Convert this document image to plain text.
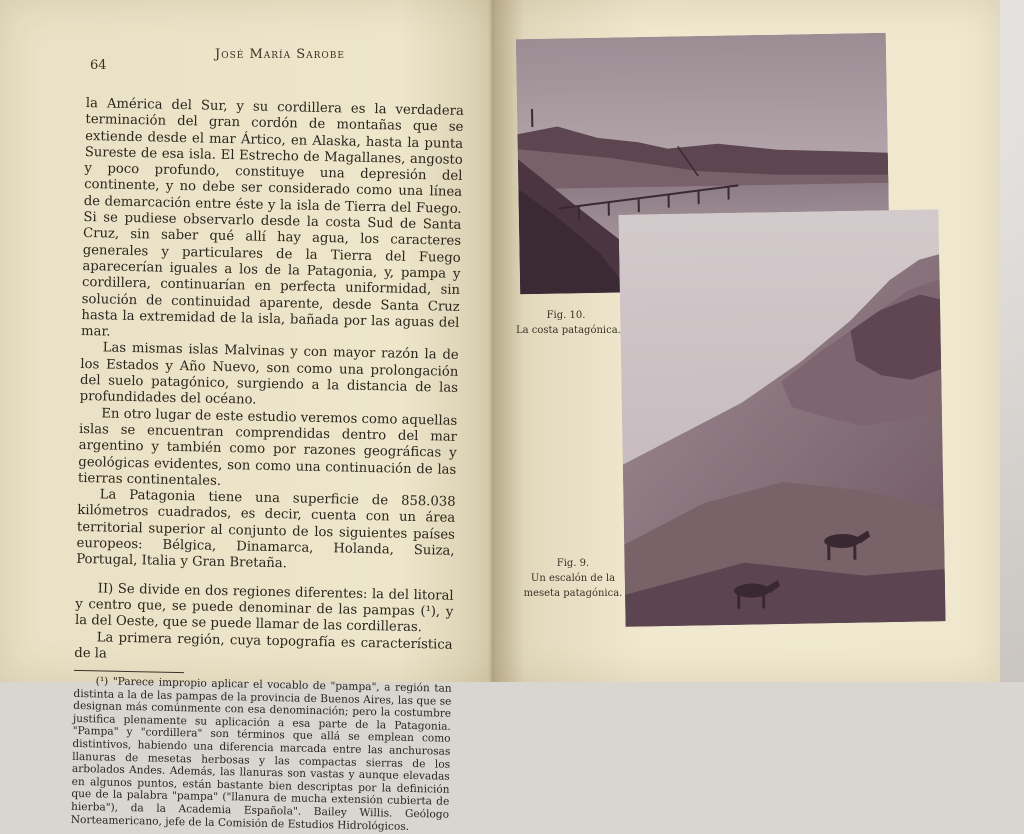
64
José María Sarobe

la América del Sur, y su cordillera es la verdadera terminación del gran cordón de montañas que se extiende desde el mar Ártico, en Alaska, hasta la punta Sureste de esa isla. El Estrecho de Magallanes, angosto y poco profundo, constituye una depresión del continente, y no debe ser considerado como una línea de demarcación entre éste y la isla de Tierra del Fuego. Si se pudiese observarlo desde la costa Sud de Santa Cruz, sin saber qué allí hay agua, los caracteres generales y particulares de la Tierra del Fuego aparecerían iguales a los de la Patagonia, y, pampa y cordillera, continuarían en perfecta uniformidad, sin solución de continuidad aparente, desde Santa Cruz hasta la extremidad de la isla, bañada por las aguas del mar.

Las mismas islas Malvinas y con mayor razón la de los Estados y Año Nuevo, son como una prolongación del suelo patagónico, surgiendo a la distancia de las profundidades del océano.

En otro lugar de este estudio veremos como aquellas islas se encuentran comprendidas dentro del mar argentino y también como por razones geográficas y geológicas evidentes, son como una continuación de las tierras continentales.

La Patagonia tiene una superficie de 858.038 kilómetros cuadrados, es decir, cuenta con un área territorial superior al conjunto de los siguientes países europeos: Bélgica, Dinamarca, Holanda, Suiza, Portugal, Italia y Gran Bretaña.

II) Se divide en dos regiones diferentes: la del litoral y centro que, se puede denominar de las pampas (¹), y la del Oeste, que se puede llamar de las cordilleras.

La primera región, cuya topografía es característica de la

(¹) "Parece impropio aplicar el vocablo de "pampa", a región tan distinta a la de las pampas de la provincia de Buenos Aires, las que se designan más comúnmente con esa denominación; pero la costumbre justifica plenamente su aplicación a esa parte de la Patagonia. "Pampa" y "cordillera" son términos que allá se emplean como distintivos, habiendo una diferencia marcada entre las anchurosas llanuras de mesetas herbosas y las compactas sierras de los arbolados Andes. Además, las llanuras son vastas y aunque elevadas en algunos puntos, están bastante bien descriptas por la definición que de la palabra "pampa" ("llanura de mucha extensión cubierta de hierba"), da la Academia Española". Bailey Willis. Geólogo Norteamericano, jefe de la Comisión de Estudios Hidrológicos.

Fig. 10.
La costa patagónica.
Fig. 9.
Un escalón de la
meseta patagónica.
